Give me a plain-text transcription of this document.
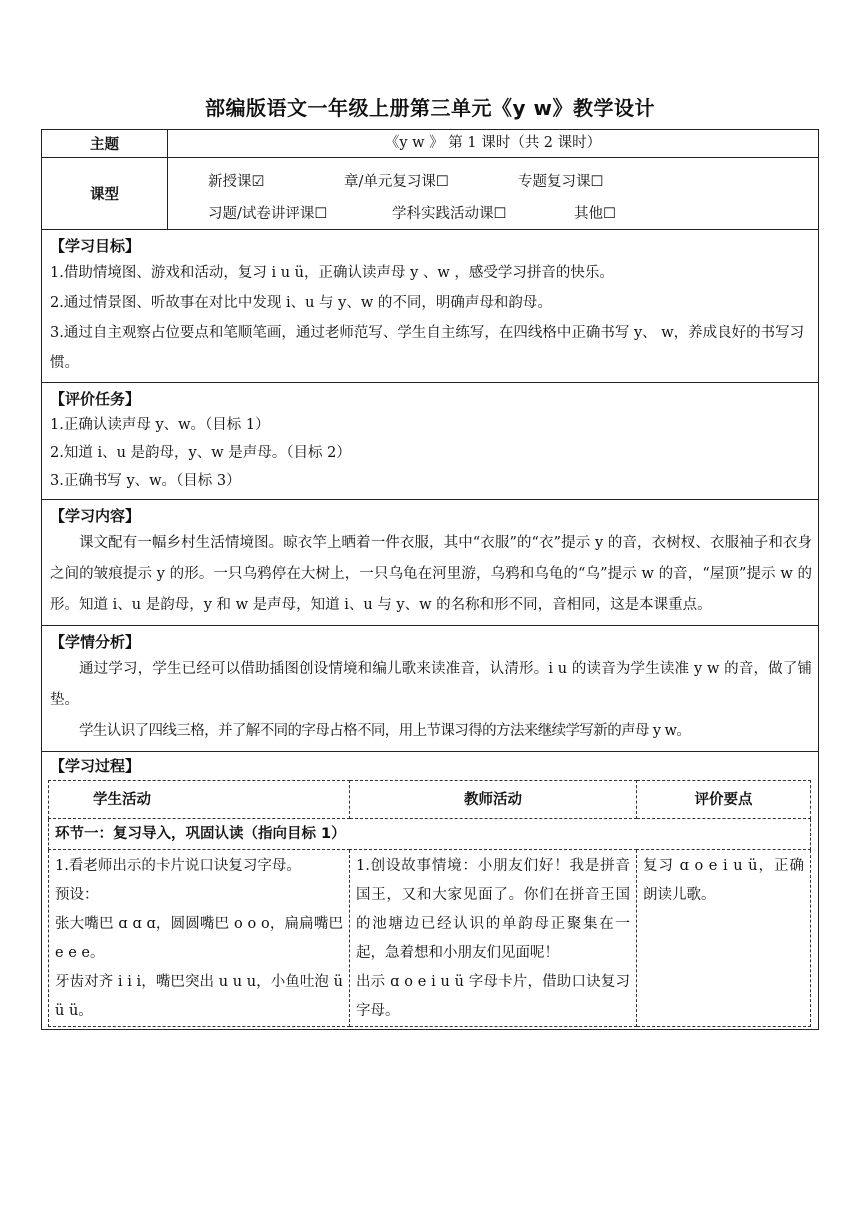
部编版语文一年级上册第三单元《y w》教学设计
主题	《y w 》 第 1 课时（共 2 课时）
课型	
新授课☑	章/单元复习课☐	专题复习课☐
习题/试卷讲评课☐	学科实践活动课☐	其他☐

【学习目标】
1.借助情境图、游戏和活动，复习 i u ü，正确认读声母 y 、w ，感受学习拼音的快乐。
2.通过情景图、听故事在对比中发现 i、u 与 y、w 的不同，明确声母和韵母。
3.通过自主观察占位要点和笔顺笔画，通过老师范写、学生自主练写，在四线格中正确书写 y、 w，养成良好的书写习惯。

【评价任务】
1.正确认读声母 y、w。（目标 1）
2.知道 i、u 是韵母，y、w 是声母。（目标 2）
3.正确书写 y、w。（目标 3）

【学习内容】
课文配有一幅乡村生活情境图。晾衣竿上晒着一件衣服，其中“衣服”的“衣”提示 y 的音，衣树杈、衣服袖子和衣身之间的皱痕提示 y 的形。一只乌鸦停在大树上，一只乌龟在河里游，乌鸦和乌龟的“乌”提示 w 的音，“屋顶”提示 w 的形。知道 i、u 是韵母，y 和 w 是声母，知道 i、u 与 y、w 的名称和形不同，音相同，这是本课重点。

【学情分析】
通过学习，学生已经可以借助插图创设情境和编儿歌来读准音，认清形。i u 的读音为学生读准 y w 的音，做了铺垫。
学生认识了四线三格，并了解不同的字母占格不同，用上节课习得的方法来继续学写新的声母 y w。

【学习过程】
学生活动	教师活动	评价要点
环节一：复习导入，巩固认读（指向目标 1）

1.看老师出示的卡片说口诀复习字母。
预设：
张大嘴巴 ɑ ɑ ɑ，圆圆嘴巴 o o o，扁扁嘴巴 e e e。
牙齿对齐 i i i，嘴巴突出 u u u，小鱼吐泡 ü ü ü。

1.创设故事情境：小朋友们好！我是拼音国王，又和大家见面了。你们在拼音王国的池塘边已经认识的单韵母正聚集在一起，急着想和小朋友们见面呢！
出示 ɑ o e i u ü 字母卡片，借助口诀复习字母。
	复习 ɑ o e i u ü，正确朗读儿歌。
